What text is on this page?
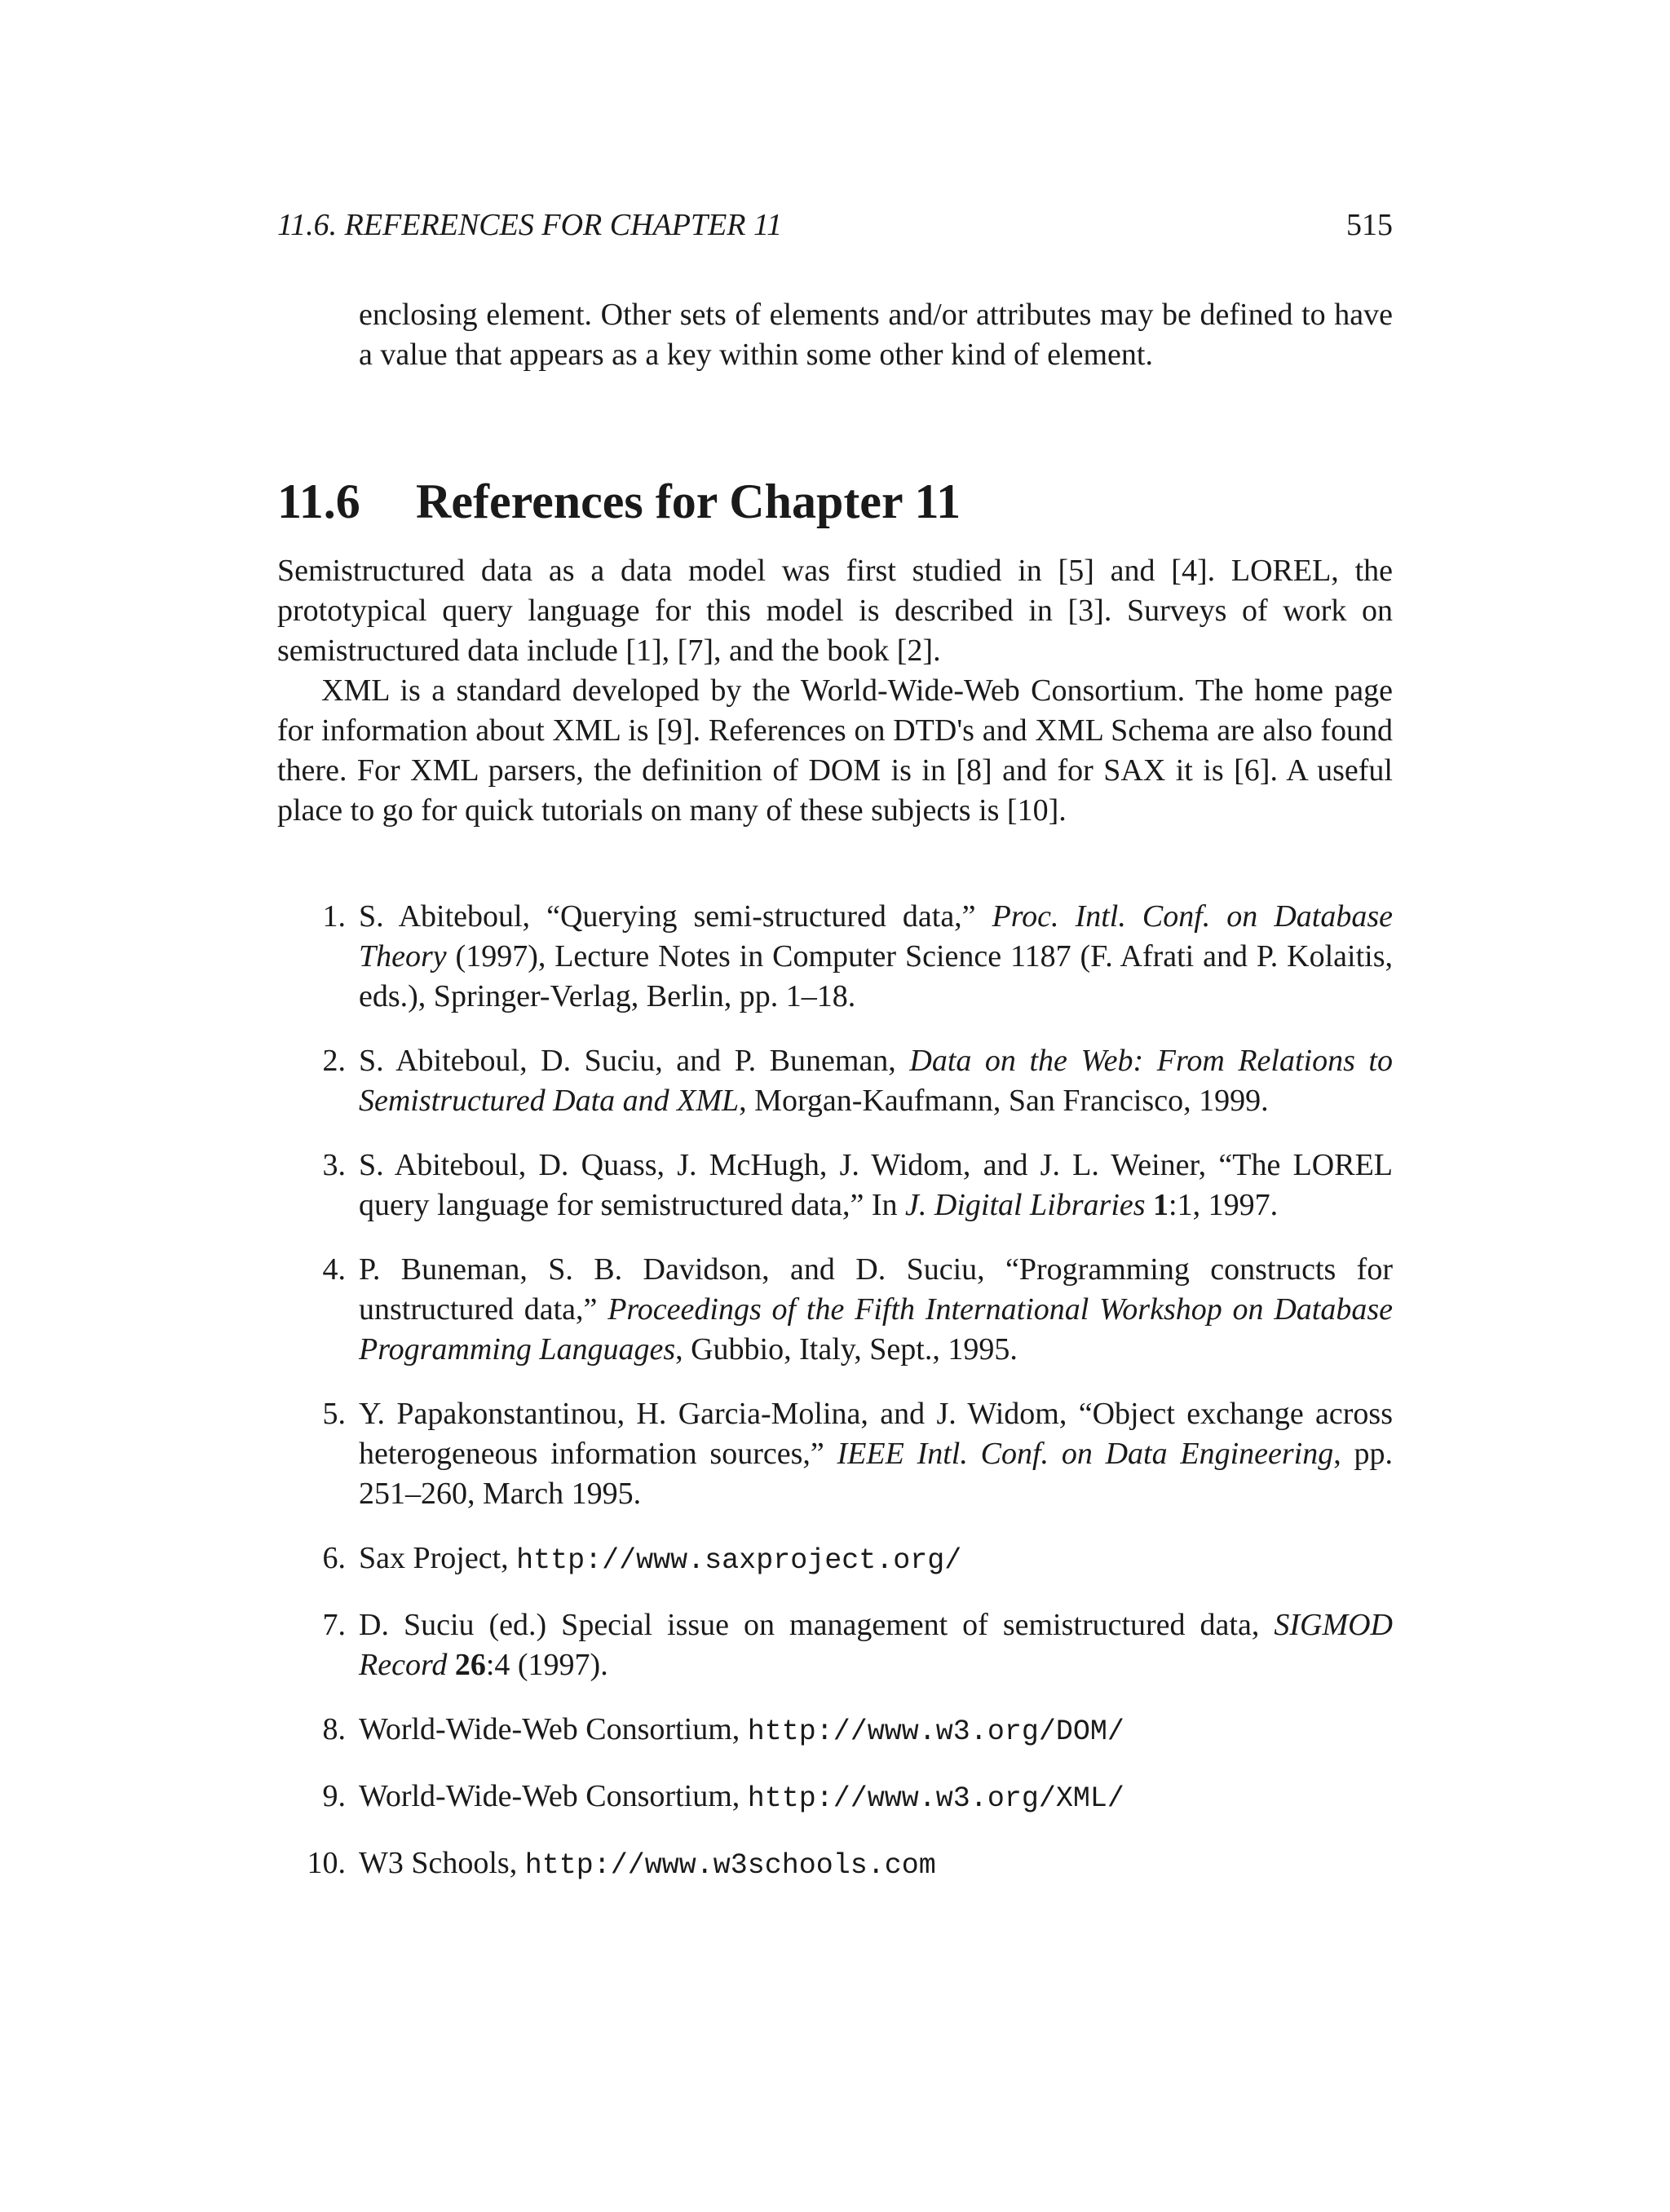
11.6. REFERENCES FOR CHAPTER 11	515

enclosing element. Other sets of elements and/or attributes may be defined to have a value that appears as a key within some other kind of element.

11.6 References for Chapter 11

Semistructured data as a data model was first studied in [5] and [4]. LOREL, the prototypical query language for this model is described in [3]. Surveys of work on semistructured data include [1], [7], and the book [2].

XML is a standard developed by the World-Wide-Web Consortium. The home page for information about XML is [9]. References on DTD's and XML Schema are also found there. For XML parsers, the definition of DOM is in [8] and for SAX it is [6]. A useful place to go for quick tutorials on many of these subjects is [10].

1. S. Abiteboul, “Querying semi-structured data,” Proc. Intl. Conf. on Database Theory (1997), Lecture Notes in Computer Science 1187 (F. Afrati and P. Kolaitis, eds.), Springer-Verlag, Berlin, pp. 1–18.
2. S. Abiteboul, D. Suciu, and P. Buneman, Data on the Web: From Relations to Semistructured Data and XML, Morgan-Kaufmann, San Francisco, 1999.
3. S. Abiteboul, D. Quass, J. McHugh, J. Widom, and J. L. Weiner, “The LOREL query language for semistructured data,” In J. Digital Libraries 1:1, 1997.
4. P. Buneman, S. B. Davidson, and D. Suciu, “Programming constructs for unstructured data,” Proceedings of the Fifth International Workshop on Database Programming Languages, Gubbio, Italy, Sept., 1995.
5. Y. Papakonstantinou, H. Garcia-Molina, and J. Widom, “Object exchange across heterogeneous information sources,” IEEE Intl. Conf. on Data Engineering, pp. 251–260, March 1995.
6. Sax Project, http://www.saxproject.org/
7. D. Suciu (ed.) Special issue on management of semistructured data, SIGMOD Record 26:4 (1997).
8. World-Wide-Web Consortium, http://www.w3.org/DOM/
9. World-Wide-Web Consortium, http://www.w3.org/XML/
10. W3 Schools, http://www.w3schools.com
